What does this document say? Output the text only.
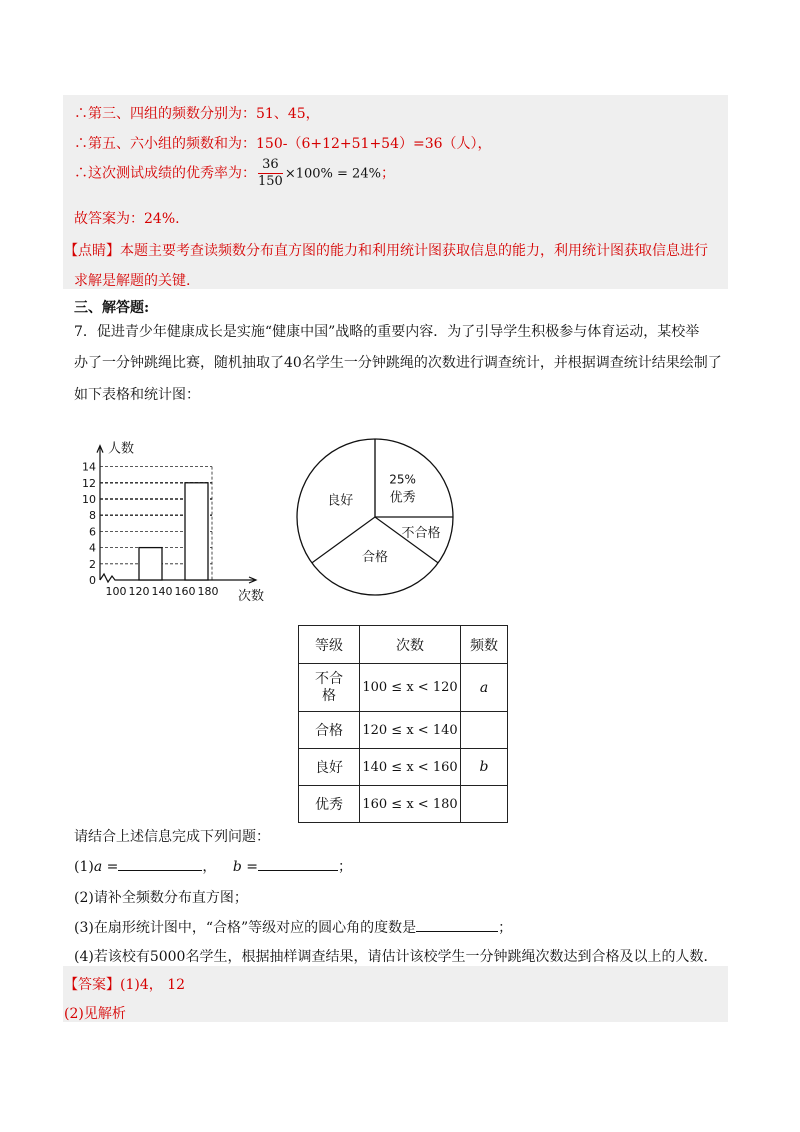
∴第三、四组的频数分别为：51、45，
∴第五、六小组的频数和为：150-（6+12+51+54）=36（人），
∴这次测试成绩的优秀率为： $\frac{36}{150} \times 100\% = 24\%$；
故答案为：24%.
【点睛】本题主要考查读频数分布直方图的能力和利用统计图获取信息的能力，利用统计图获取信息进行
求解是解题的关键.
三、解答题:
7．促进青少年健康成长是实施“健康中国”战略的重要内容．为了引导学生积极参与体育运动，某校举
办了一分钟跳绳比赛，随机抽取了40名学生一分钟跳绳的次数进行调查统计，并根据调查统计结果绘制了
如下表格和统计图：
0
2
4
6
8
10
12
14
100 120 140 160 180
人数
次数
25%
优秀
不合格
合格
良好
等级	次数	频数

不合格	100 ≤ x < 120	a
合格	120 ≤ x < 140	
良好	140 ≤ x < 160	b
优秀	160 ≤ x < 180	
请结合上述信息完成下列问题：
(1)a =	， b =	；
(2)请补全频数分布直方图；
(3)在扇形统计图中，“合格”等级对应的圆心角的度数是	；
(4)若该校有5000名学生，根据抽样调查结果，请估计该校学生一分钟跳绳次数达到合格及以上的人数．
【答案】(1)4， 12
(2)见解析
